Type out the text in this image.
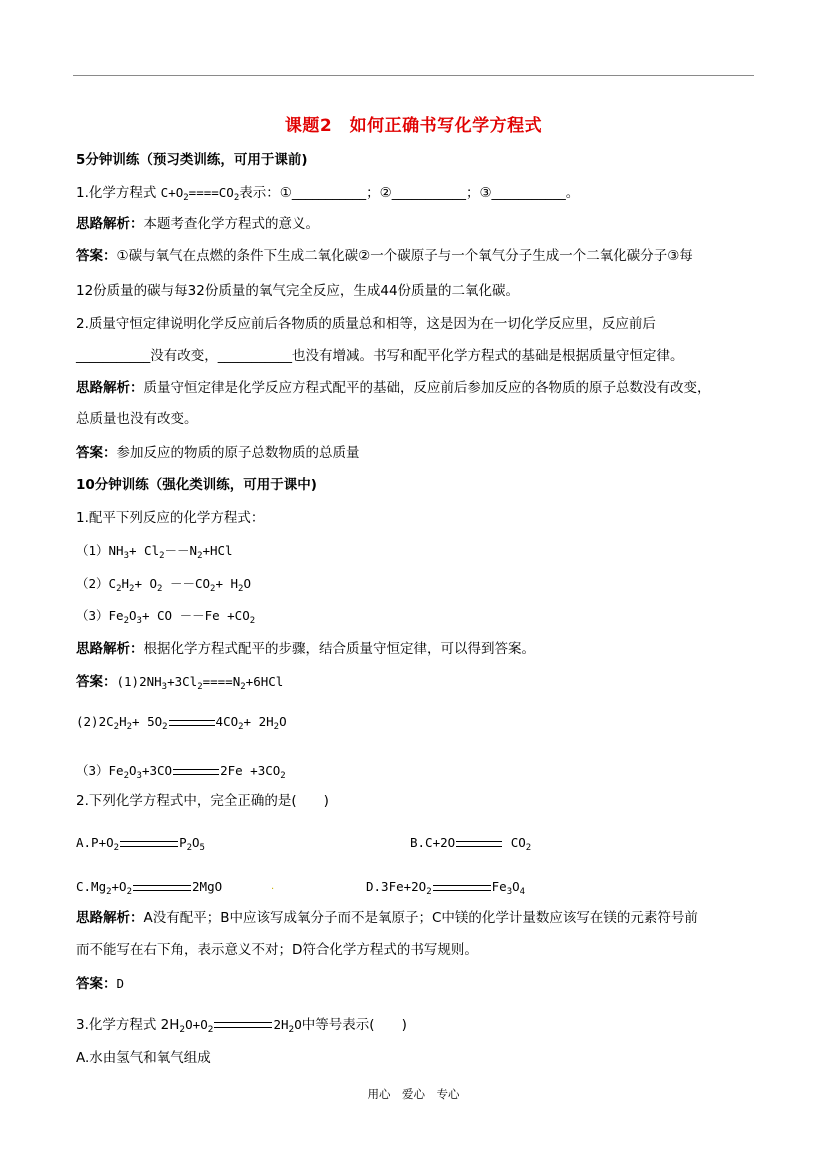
课题2　如何正确书写化学方程式
5分钟训练（预习类训练，可用于课前)
1.化学方程式 $C+O_2====CO_2$表示：①___________；②___________；③___________。
思路解析：本题考查化学方程式的意义。
答案：①碳与氧气在点燃的条件下生成二氧化碳②一个碳原子与一个氧气分子生成一个二氧化碳分子③每
12份质量的碳与每32份质量的氧气完全反应，生成44份质量的二氧化碳。
2.质量守恒定律说明化学反应前后各物质的质量总和相等，这是因为在一切化学反应里，反应前后
___________没有改变，___________也没有增减。书写和配平化学方程式的基础是根据质量守恒定律。
思路解析：质量守恒定律是化学反应方程式配平的基础，反应前后参加反应的各物质的原子总数没有改变，
总质量也没有改变。
答案：参加反应的物质的原子总数物质的总质量
10分钟训练（强化类训练，可用于课中)
1.配平下列反应的化学方程式：
$(1)NH_3+ Cl_2--N_2+HCl$
$(2)C_2H_2+ O_2 --CO_2+ H_2O$
$(3)Fe_2O_3+$ CO $--Fe +CO_2$
思路解析：根据化学方程式配平的步骤，结合质量守恒定律，可以得到答案。
答案：$(1)2NH_3+3Cl_2====N_2+6HCl$
$(2)2C_2H_2+ 5O_2$	$4CO_2+ 2H_2O$
$(3)Fe_2O_3+3CO$	$2Fe +3CO_2$
2.下列化学方程式中，完全正确的是(　　)
$A.P+O_2$	$P_2O_5$	B.C+2O	$CO_2$
$C.Mg_2+O_2$	2MgO	.	$D.3Fe+2O_2$	$Fe_3O_4$
思路解析：A没有配平；B中应该写成氧分子而不是氧原子；C中镁的化学计量数应该写在镁的元素符号前
而不能写在右下角，表示意义不对；D符合化学方程式的书写规则。
答案：D
3.化学方程式 $2H_2O+O_2$	$2H_2O$中等号表示(　　)
A.水由氢气和氧气组成
用心　爱心　专心
